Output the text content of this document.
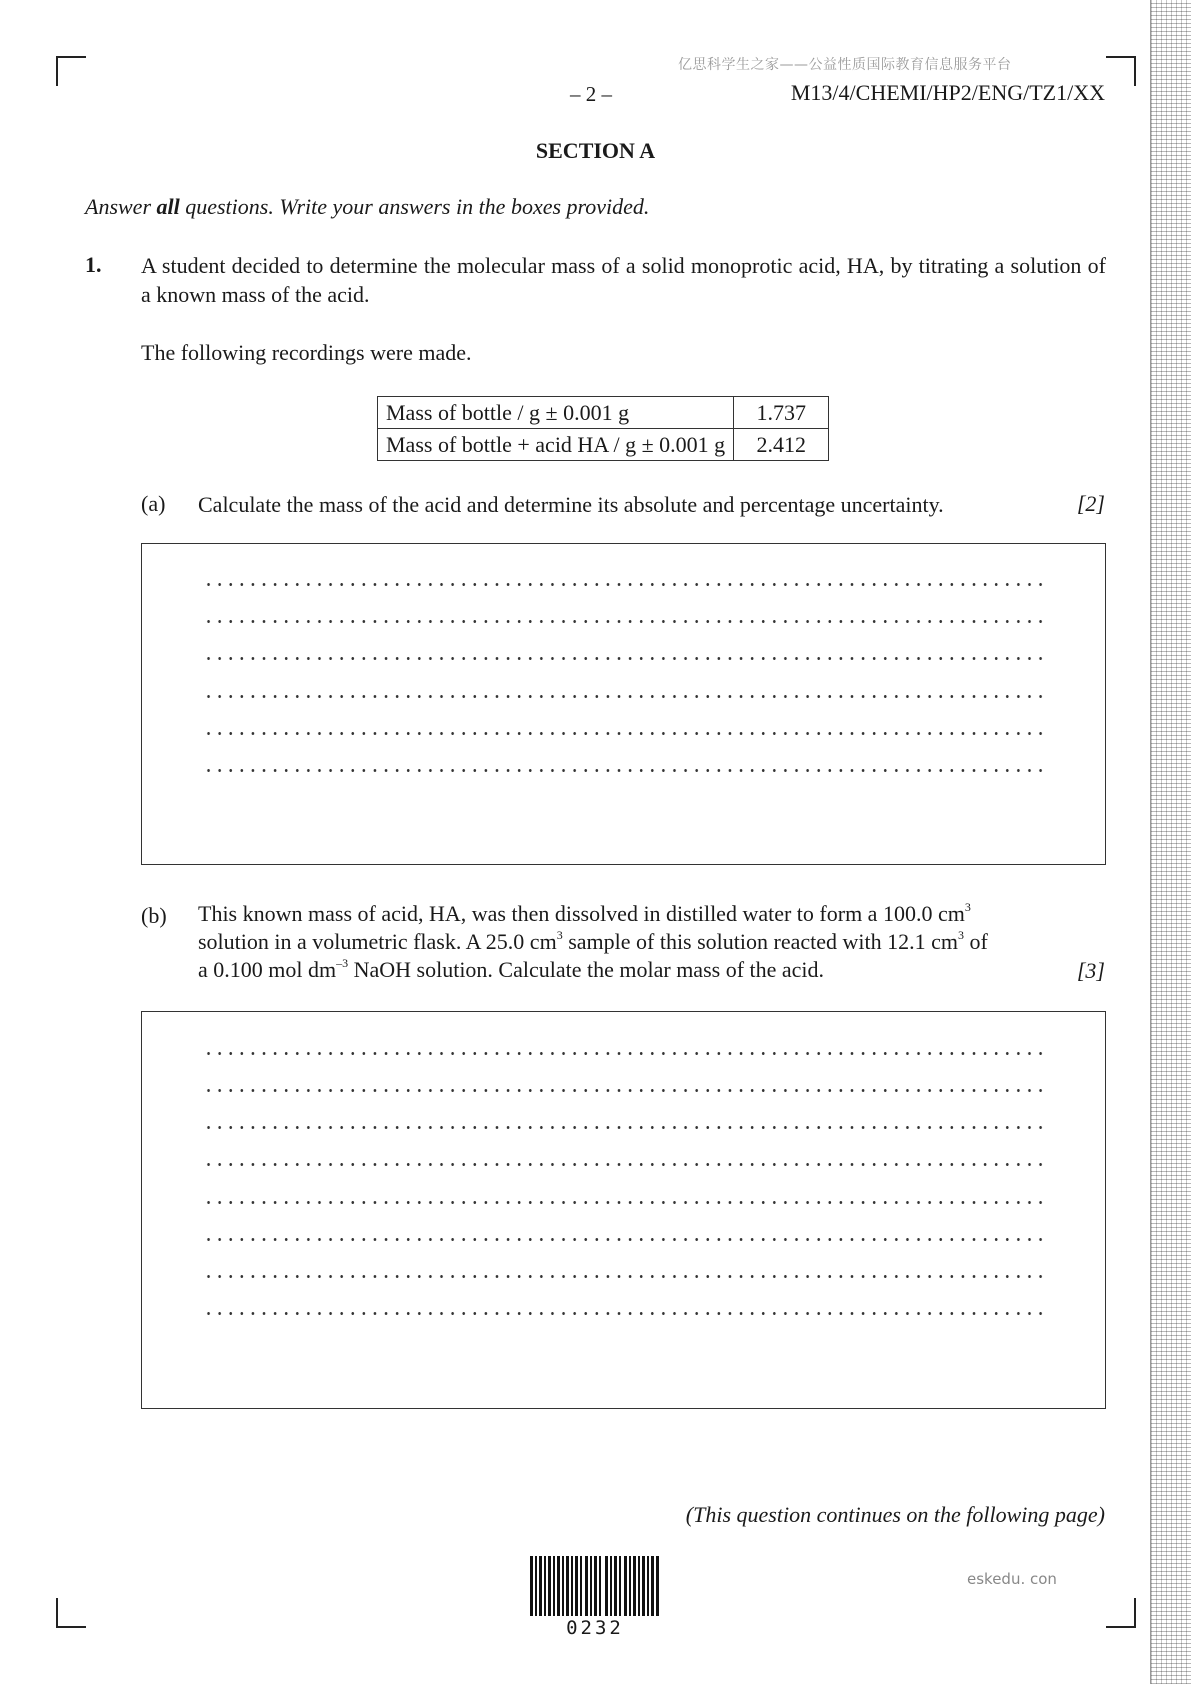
亿思科学生之家——公益性质国际教育信息服务平台
– 2 –	M13/4/CHEMI/HP2/ENG/TZ1/XX
SECTION A
Answer all questions. Write your answers in the boxes provided.
1. A student decided to determine the molecular mass of a solid monoprotic acid, HA, by titrating a solution of a known mass of the acid.
The following recordings were made.
Mass of bottle / g ± 0.001 g	1.737
Mass of bottle + acid HA / g ± 0.001 g	2.412
(a) Calculate the mass of the acid and determine its absolute and percentage uncertainty.	[2]
(b) This known mass of acid, HA, was then dissolved in distilled water to form a 100.0 $cm^3$
solution in a volumetric flask. A 25.0 $cm^3$ sample of this solution reacted with 12.1 $cm^3$ of
a 0.100 mol $dm^{-3}$ NaOH solution. Calculate the molar mass of the acid.	[3]
(This question continues on the following page)
0232
eskedu. con
